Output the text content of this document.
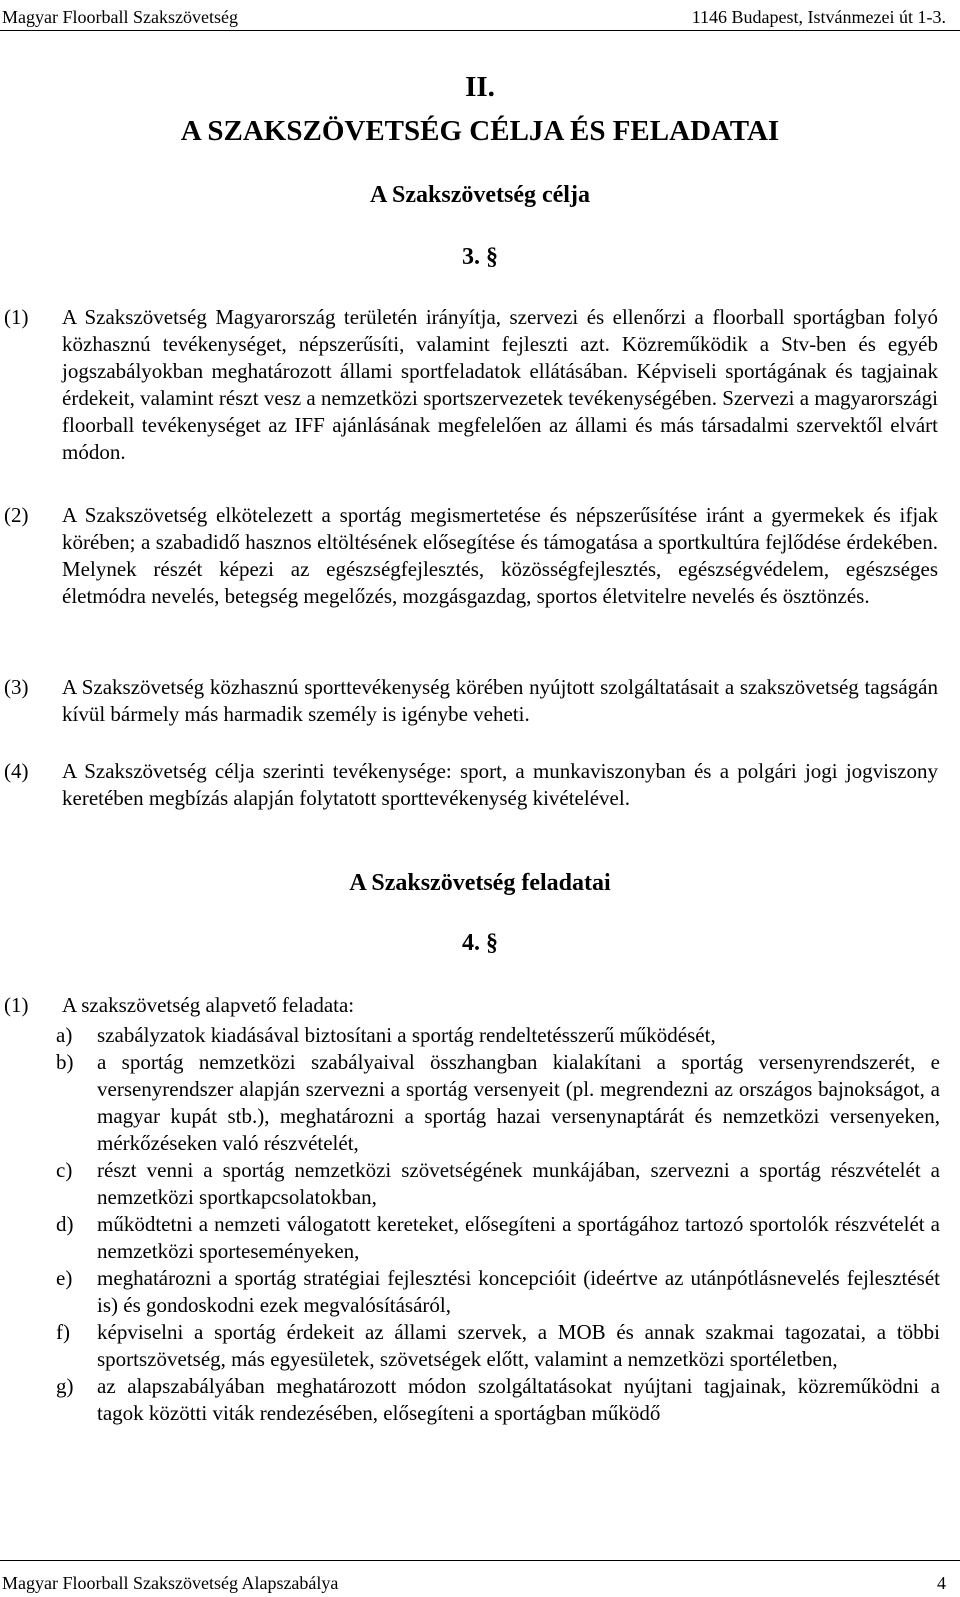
Magyar Floorball Szakszövetség	1146 Budapest, Istvánmezei út 1-3.
II.
A SZAKSZÖVETSÉG CÉLJA ÉS FELADATAI
A Szakszövetség célja
3. §
(1) A Szakszövetség Magyarország területén irányítja, szervezi és ellenőrzi a floorball sportágban folyó közhasznú tevékenységet, népszerűsíti, valamint fejleszti azt. Közreműködik a Stv-ben és egyéb jogszabályokban meghatározott állami sportfeladatok ellátásában. Képviseli sportágának és tagjainak érdekeit, valamint részt vesz a nemzetközi sportszervezetek tevékenységében. Szervezi a magyarországi floorball tevékenységet az IFF ajánlásának megfelelően az állami és más társadalmi szervektől elvárt módon.
(2) A Szakszövetség elkötelezett a sportág megismertetése és népszerűsítése iránt a gyermekek és ifjak körében; a szabadidő hasznos eltöltésének elősegítése és támogatása a sportkultúra fejlődése érdekében. Melynek részét képezi az egészségfejlesztés, közösségfejlesztés, egészségvédelem, egészséges életmódra nevelés, betegség megelőzés, mozgásgazdag, sportos életvitelre nevelés és ösztönzés.
(3) A Szakszövetség közhasznú sporttevékenység körében nyújtott szolgáltatásait a szakszövetség tagságán kívül bármely más harmadik személy is igénybe veheti.
(4) A Szakszövetség célja szerinti tevékenysége: sport, a munkaviszonyban és a polgári jogi jogviszony keretében megbízás alapján folytatott sporttevékenység kivételével.
A Szakszövetség feladatai
4. §
(1) A szakszövetség alapvető feladata:
a) szabályzatok kiadásával biztosítani a sportág rendeltetésszerű működését,
b) a sportág nemzetközi szabályaival összhangban kialakítani a sportág versenyrendszerét, e versenyrendszer alapján szervezni a sportág versenyeit (pl. megrendezni az országos bajnokságot, a magyar kupát stb.), meghatározni a sportág hazai versenynaptárát és nemzetközi versenyeken, mérkőzéseken való részvételét,
c) részt venni a sportág nemzetközi szövetségének munkájában, szervezni a sportág részvételét a nemzetközi sportkapcsolatokban,
d) működtetni a nemzeti válogatott kereteket, elősegíteni a sportágához tartozó sportolók részvételét a nemzetközi sporteseményeken,
e) meghatározni a sportág stratégiai fejlesztési koncepcióit (ideértve az utánpótlásnevelés fejlesztését is) és gondoskodni ezek megvalósításáról,
f) képviselni a sportág érdekeit az állami szervek, a MOB és annak szakmai tagozatai, a többi sportszövetség, más egyesületek, szövetségek előtt, valamint a nemzetközi sportéletben,
g) az alapszabályában meghatározott módon szolgáltatásokat nyújtani tagjainak, közreműködni a tagok közötti viták rendezésében, elősegíteni a sportágban működő
Magyar Floorball Szakszövetség Alapszabálya	4
